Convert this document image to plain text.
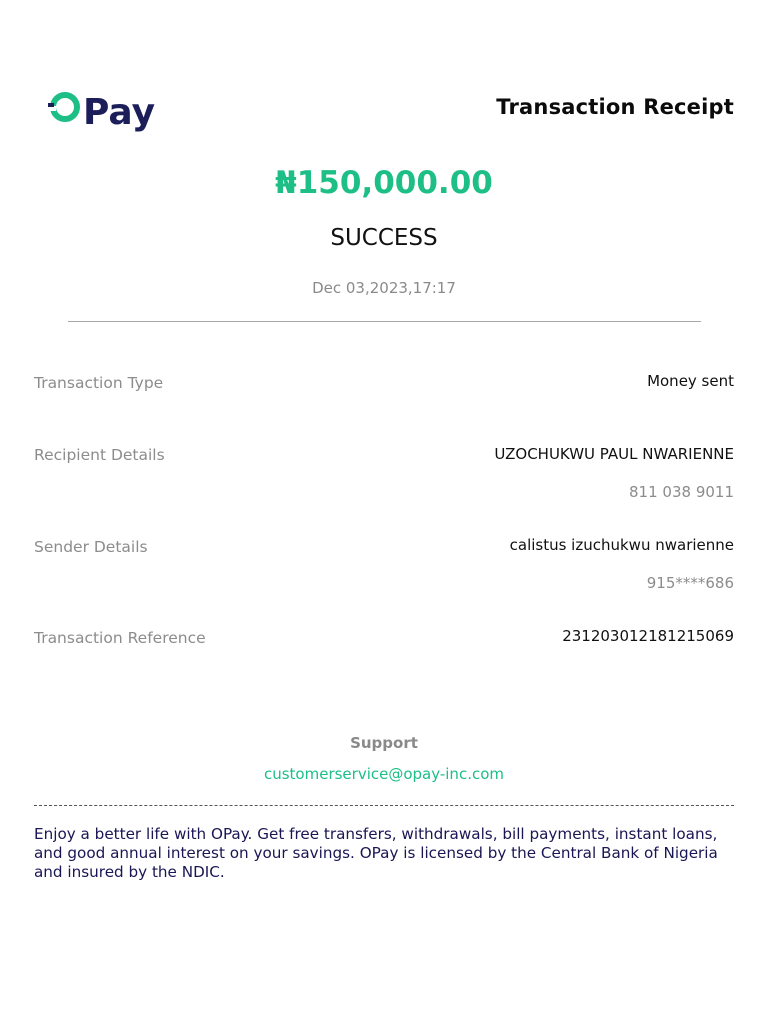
Pay	Transaction Receipt
₦150,000.00
SUCCESS
Dec 03,2023,17:17
Transaction Type	Money sent
Recipient Details	UZOCHUKWU PAUL NWARIENNE
811 038 9011
Sender Details	calistus izuchukwu nwarienne
915****686
Transaction Reference	231203012181215069
Support
customerservice@opay-inc.com
Enjoy a better life with OPay. Get free transfers, withdrawals, bill payments, instant loans, and good annual interest on your savings. OPay is licensed by the Central Bank of Nigeria and insured by the NDIC.
